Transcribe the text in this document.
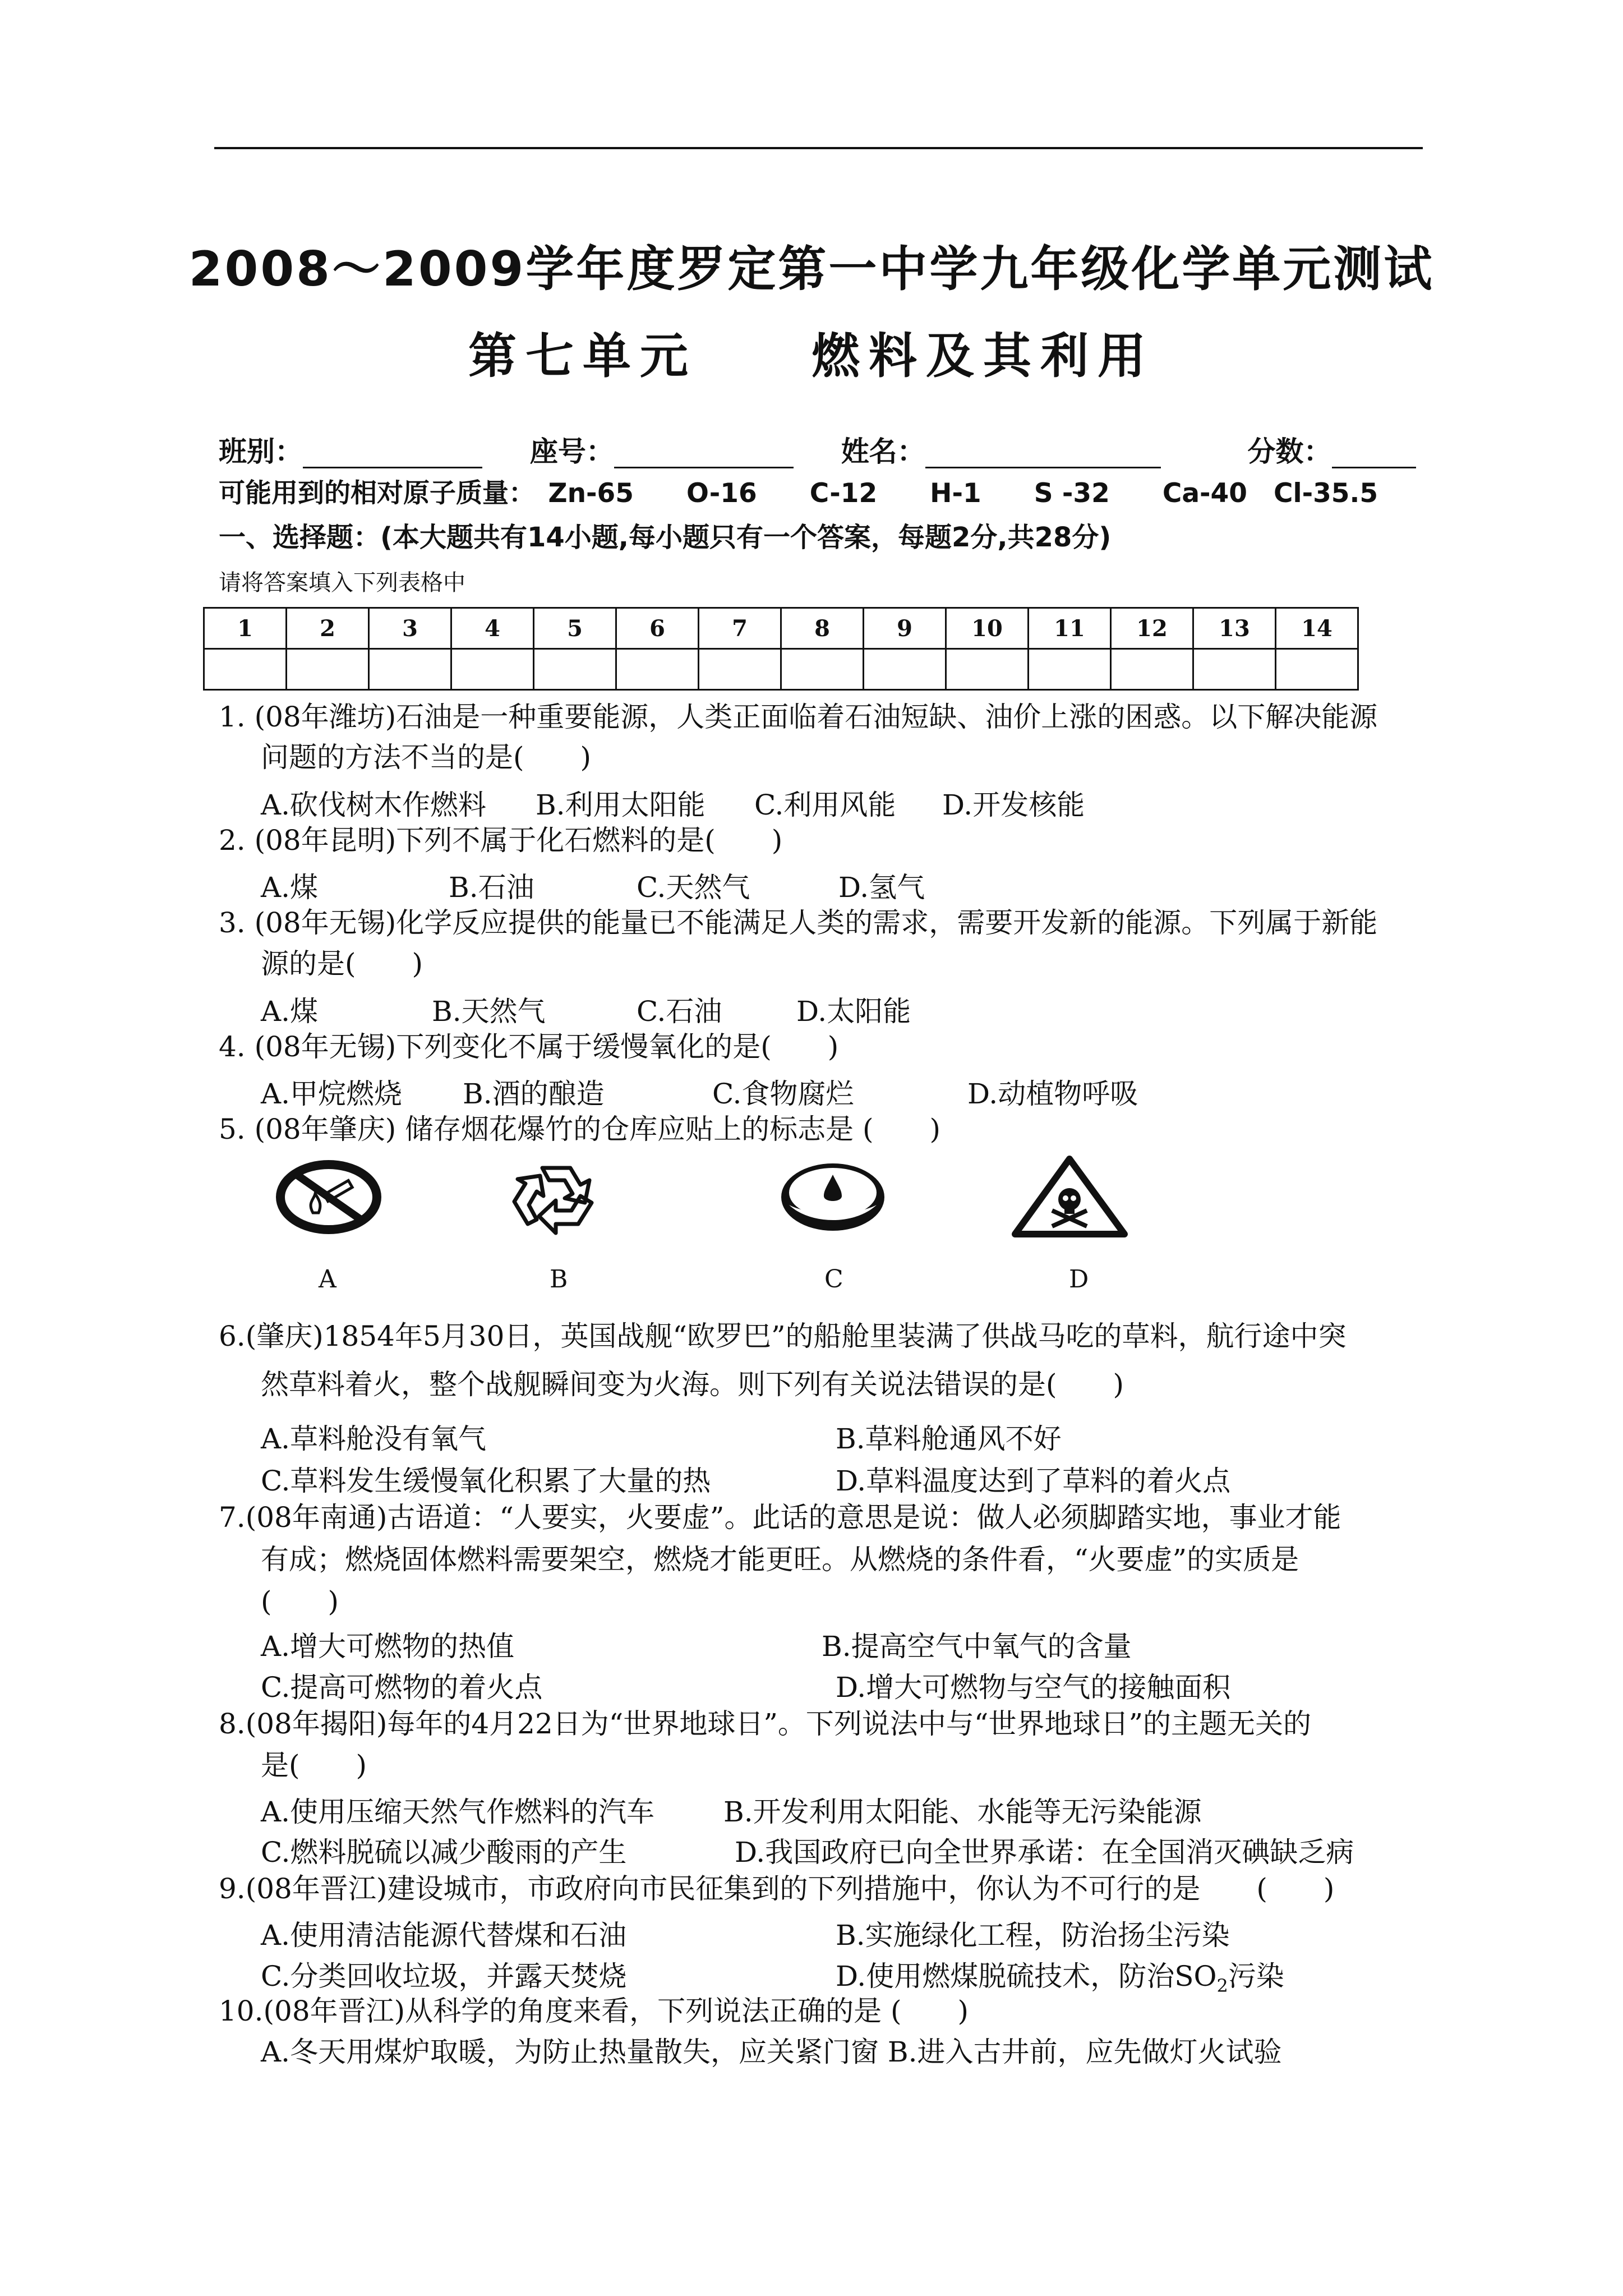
2008～2009学年度罗定第一中学九年级化学单元测试
第七单元　　燃料及其利用
班别：	座号：	姓名：	分数：
可能用到的相对原子质量：　Zn-65　　O-16　　C-12　　H-1　　S -32　　Ca-40　Cl-35.5
一、选择题：(本大题共有14小题,每小题只有一个答案，每题2分,共28分)
请将答案填入下列表格中
1	2	3	4	5	6	7	8	9	10	11	12	13	14

1. (08年潍坊)石油是一种重要能源，人类正面临着石油短缺、油价上涨的困惑。以下解决能源
问题的方法不当的是(　　)
A.砍伐树木作燃料 B.利用太阳能 C.利用风能 D.开发核能
2. (08年昆明)下列不属于化石燃料的是(　　)
A.煤	B.石油	C.天然气	D.氢气
3. (08年无锡)化学反应提供的能量已不能满足人类的需求，需要开发新的能源。下列属于新能
源的是(　　)
A.煤	B.天然气	C.石油	D.太阳能
4. (08年无锡)下列变化不属于缓慢氧化的是(　　)
A.甲烷燃烧 B.酒的酿造	C.食物腐烂	D.动植物呼吸
5. (08年肇庆) 储存烟花爆竹的仓库应贴上的标志是 (　　)
A	B	C	D
6.(肇庆)1854年5月30日，英国战舰“欧罗巴”的船舱里装满了供战马吃的草料，航行途中突
然草料着火，整个战舰瞬间变为火海。则下列有关说法错误的是(　　)
A.草料舱没有氧气	B.草料舱通风不好
C.草料发生缓慢氧化积累了大量的热	D.草料温度达到了草料的着火点
7.(08年南通)古语道：“人要实，火要虚”。此话的意思是说：做人必须脚踏实地，事业才能
有成；燃烧固体燃料需要架空，燃烧才能更旺。从燃烧的条件看，“火要虚”的实质是
(　　)
A.增大可燃物的热值	B.提高空气中氧气的含量
C.提高可燃物的着火点	D.增大可燃物与空气的接触面积
8.(08年揭阳)每年的4月22日为“世界地球日”。下列说法中与“世界地球日”的主题无关的
是(　　)
A.使用压缩天然气作燃料的汽车 B.开发利用太阳能、水能等无污染能源
C.燃料脱硫以减少酸雨的产生	D.我国政府已向全世界承诺：在全国消灭碘缺乏病
9.(08年晋江)建设城市，市政府向市民征集到的下列措施中，你认为不可行的是　　(　　)
A.使用清洁能源代替煤和石油	B.实施绿化工程，防治扬尘污染
C.分类回收垃圾，并露天焚烧	D.使用燃煤脱硫技术，防治$SO_2$污染
10.(08年晋江)从科学的角度来看，下列说法正确的是 (　　)
A.冬天用煤炉取暖，为防止热量散失，应关紧门窗 B.进入古井前，应先做灯火试验
